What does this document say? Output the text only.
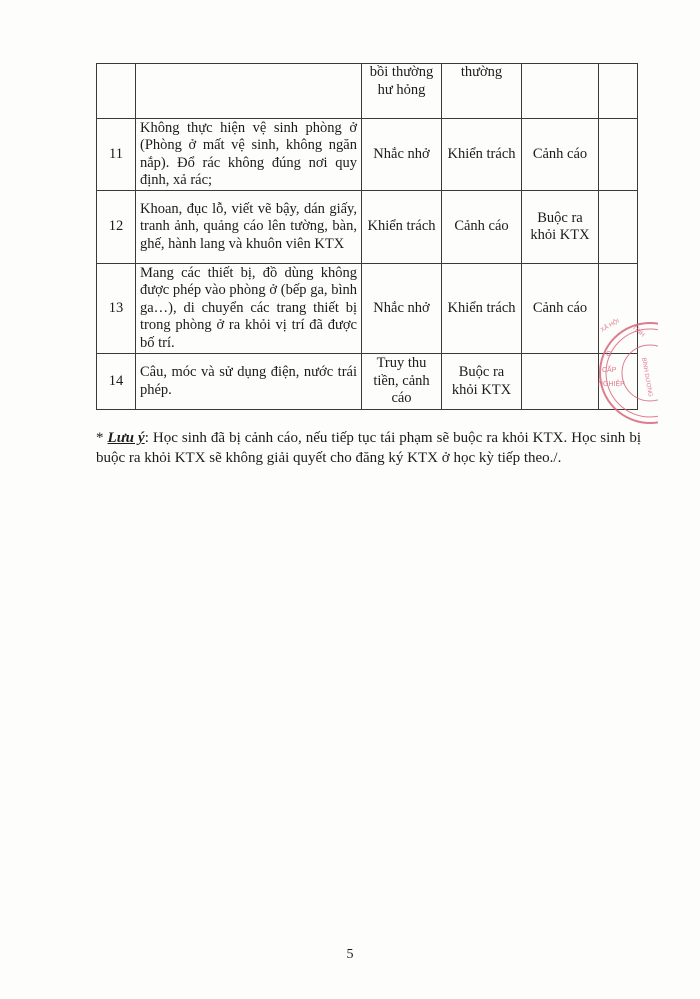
		bồi thường hư hỏng	thường		
11	Không thực hiện vệ sinh phòng ở (Phòng ở mất vệ sinh, không ngăn nắp). Đổ rác không đúng nơi quy định, xả rác;	Nhắc nhở	Khiển trách	Cảnh cáo	
12	Khoan, đục lỗ, viết vẽ bậy, dán giấy, tranh ảnh, quảng cáo lên tường, bàn, ghế, hành lang và khuôn viên KTX	Khiển trách	Cảnh cáo	Buộc ra khỏi KTX	
13	Mang các thiết bị, đồ dùng không được phép vào phòng ở (bếp ga, bình ga…), di chuyển các trang thiết bị trong phòng ở ra khỏi vị trí đã được bố trí.	Nhắc nhở	Khiển trách	Cảnh cáo	
14	Câu, móc và sử dụng điện, nước trái phép.	Truy thu tiền, cảnh cáo	Buộc ra khỏi KTX		

* Lưu ý: Học sinh đã bị cảnh cáo, nếu tiếp tục tái phạm sẽ buộc ra khỏi KTX. Học sinh bị buộc ra khỏi KTX sẽ không giải quyết cho đăng ký KTX ở học kỳ tiếp theo./.

5
XÃ HỘI TỈNH
BÌNH DƯƠNG
G
CẤP
NGHIỆP
